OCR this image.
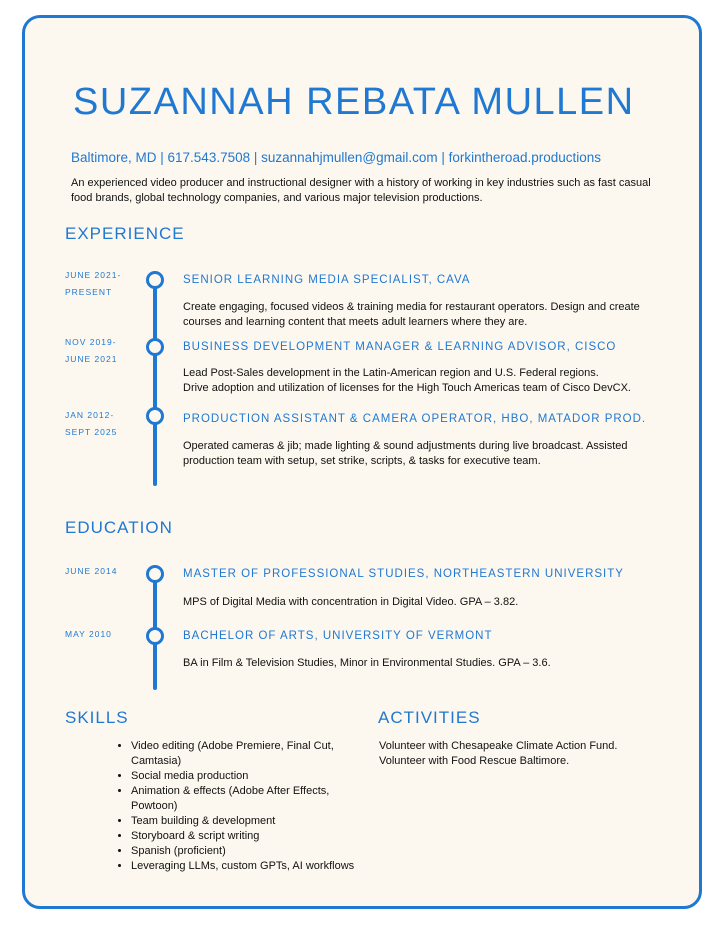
SUZANNAH REBATA MULLEN
Baltimore, MD | 617.543.7508 | suzannahjmullen@gmail.com | forkintheroad.productions
An experienced video producer and instructional designer with a history of working in key industries such as fast casual food brands, global technology companies, and various major television productions.
EXPERIENCE
JUNE 2021-
PRESENT
SENIOR LEARNING MEDIA SPECIALIST, CAVA
Create engaging, focused videos & training media for restaurant operators. Design and create
courses and learning content that meets adult learners where they are.
NOV 2019-
JUNE 2021
BUSINESS DEVELOPMENT MANAGER & LEARNING ADVISOR, CISCO
Lead Post-Sales development in the Latin-American region and U.S. Federal regions.
Drive adoption and utilization of licenses for the High Touch Americas team of Cisco DevCX.
JAN 2012-
SEPT 2025
PRODUCTION ASSISTANT & CAMERA OPERATOR, HBO, MATADOR PROD.
Operated cameras & jib; made lighting & sound adjustments during live broadcast. Assisted
production team with setup, set strike, scripts, & tasks for executive team.
EDUCATION
JUNE 2014	MASTER OF PROFESSIONAL STUDIES, NORTHEASTERN UNIVERSITY
MPS of Digital Media with concentration in Digital Video. GPA – 3.82.
MAY 2010	BACHELOR OF ARTS, UNIVERSITY OF VERMONT
BA in Film & Television Studies, Minor in Environmental Studies. GPA – 3.6.
SKILLS
• Video editing (Adobe Premiere, Final Cut, Camtasia)
• Social media production
• Animation & effects (Adobe After Effects, Powtoon)
• Team building & development
• Storyboard & script writing
• Spanish (proficient)
• Leveraging LLMs, custom GPTs, AI workflows
ACTIVITIES
Volunteer with Chesapeake Climate Action Fund.
Volunteer with Food Rescue Baltimore.
